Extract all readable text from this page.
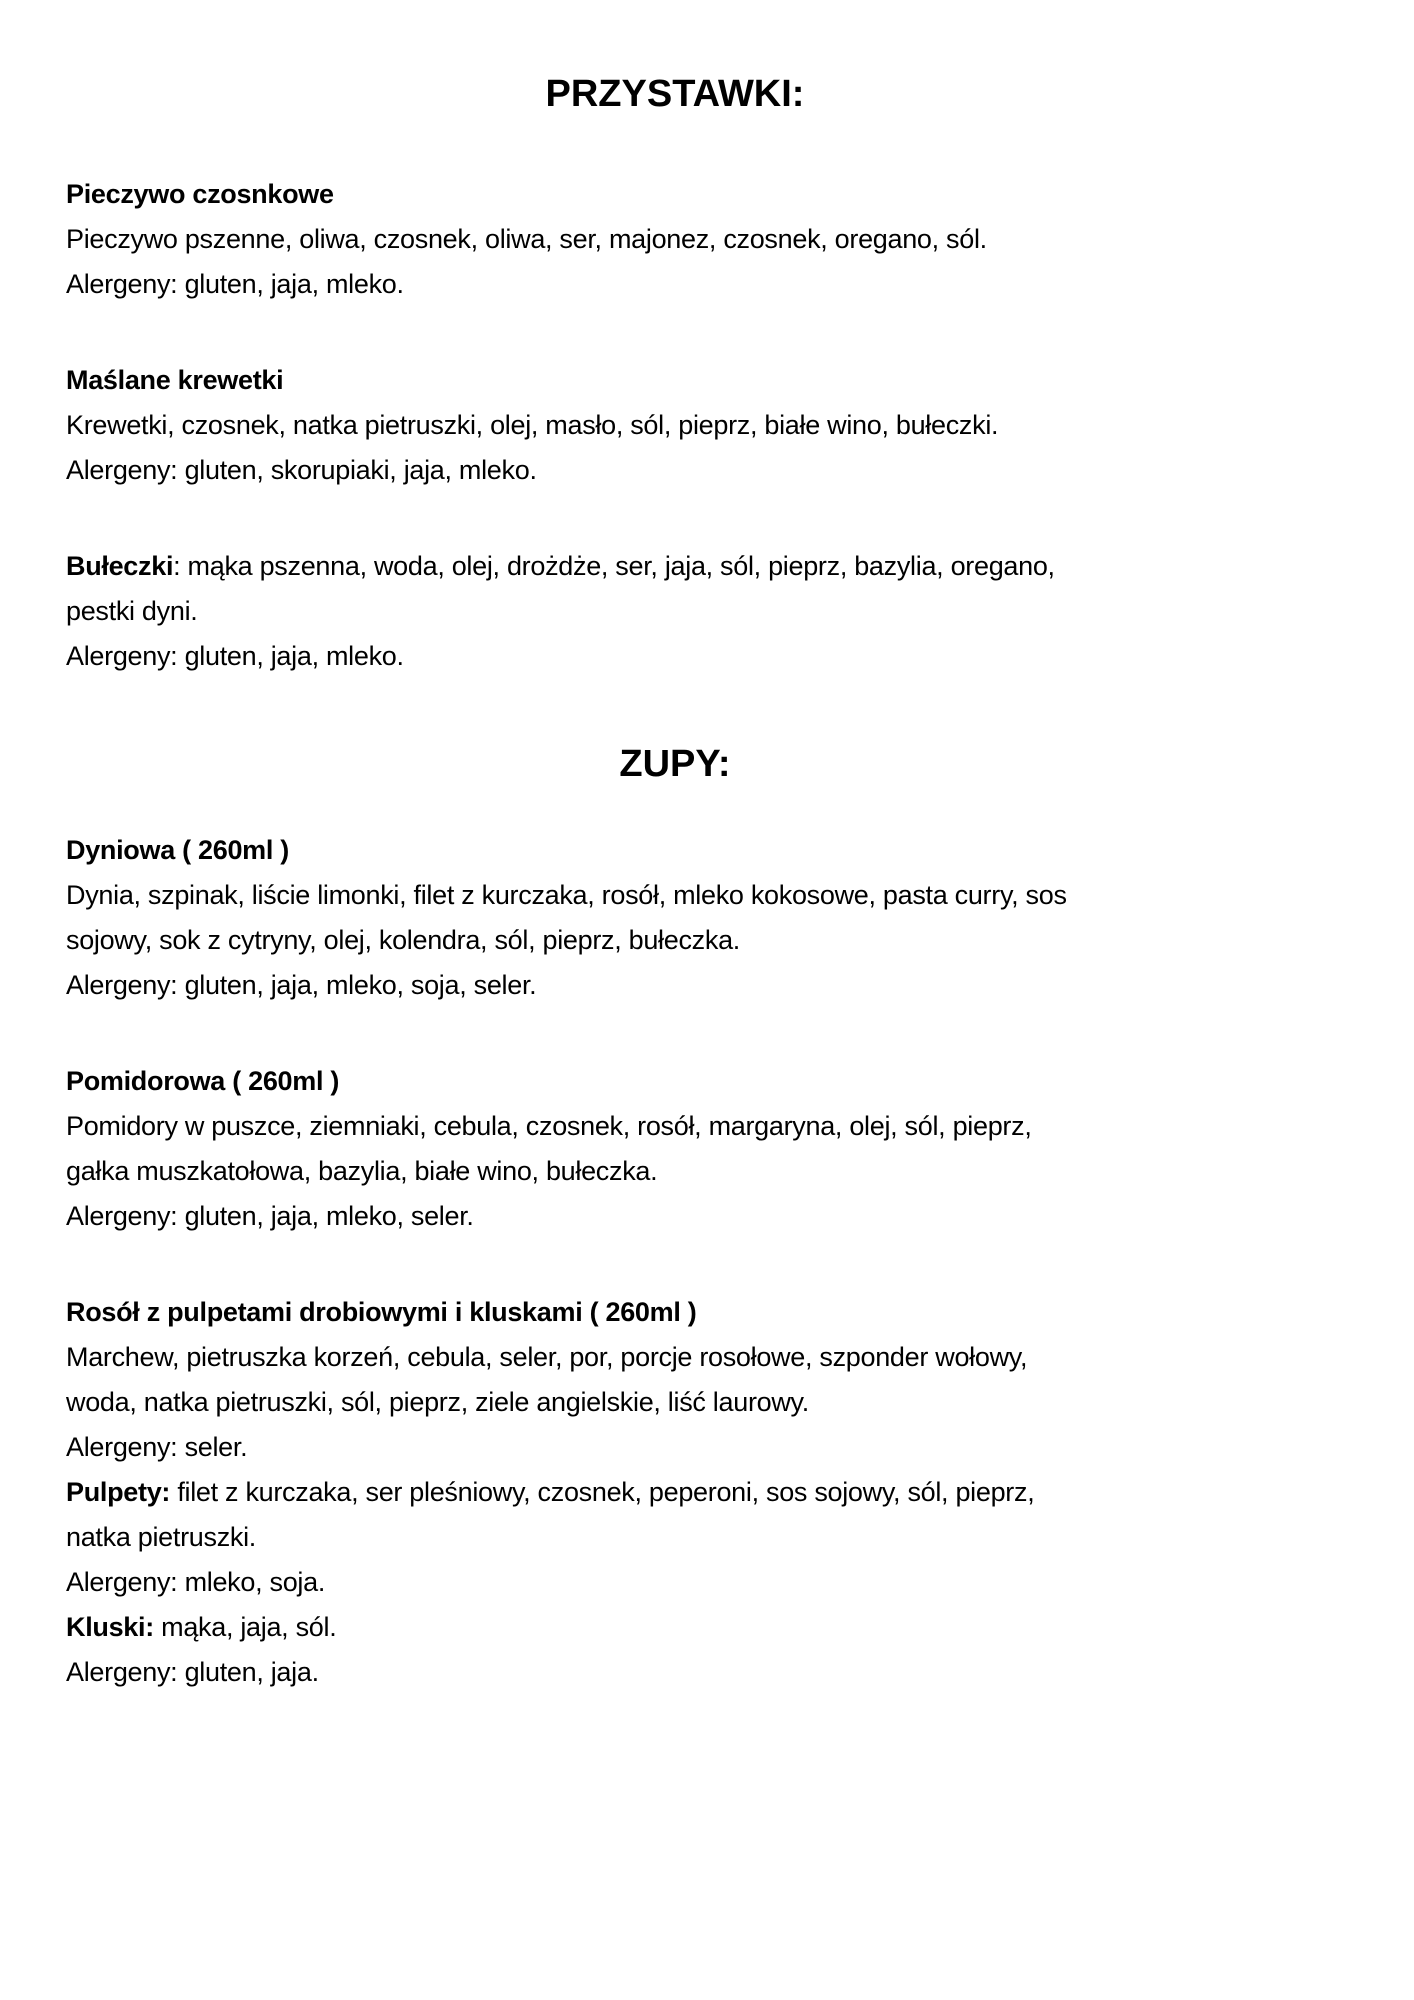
PRZYSTAWKI:
Pieczywo czosnkowe
Pieczywo pszenne, oliwa, czosnek, oliwa, ser, majonez, czosnek, oregano, sól.
Alergeny: gluten, jaja, mleko.
Maślane krewetki
Krewetki, czosnek, natka pietruszki, olej, masło, sól, pieprz, białe wino, bułeczki.
Alergeny: gluten, skorupiaki, jaja, mleko.
Bułeczki: mąka pszenna, woda, olej, drożdże, ser, jaja, sól, pieprz, bazylia, oregano,
pestki dyni.
Alergeny: gluten, jaja, mleko.
ZUPY:
Dyniowa ( 260ml )
Dynia, szpinak, liście limonki, filet z kurczaka, rosół, mleko kokosowe, pasta curry, sos
sojowy, sok z cytryny, olej, kolendra, sól, pieprz, bułeczka.
Alergeny: gluten, jaja, mleko, soja, seler.
Pomidorowa ( 260ml )
Pomidory w puszce, ziemniaki, cebula, czosnek, rosół, margaryna, olej, sól, pieprz,
gałka muszkatołowa, bazylia, białe wino, bułeczka.
Alergeny: gluten, jaja, mleko, seler.
Rosół z pulpetami drobiowymi i kluskami ( 260ml )
Marchew, pietruszka korzeń, cebula, seler, por, porcje rosołowe, szponder wołowy,
woda, natka pietruszki, sól, pieprz, ziele angielskie, liść laurowy.
Alergeny: seler.
Pulpety: filet z kurczaka, ser pleśniowy, czosnek, peperoni, sos sojowy, sól, pieprz,
natka pietruszki.
Alergeny: mleko, soja.
Kluski: mąka, jaja, sól.
Alergeny: gluten, jaja.
